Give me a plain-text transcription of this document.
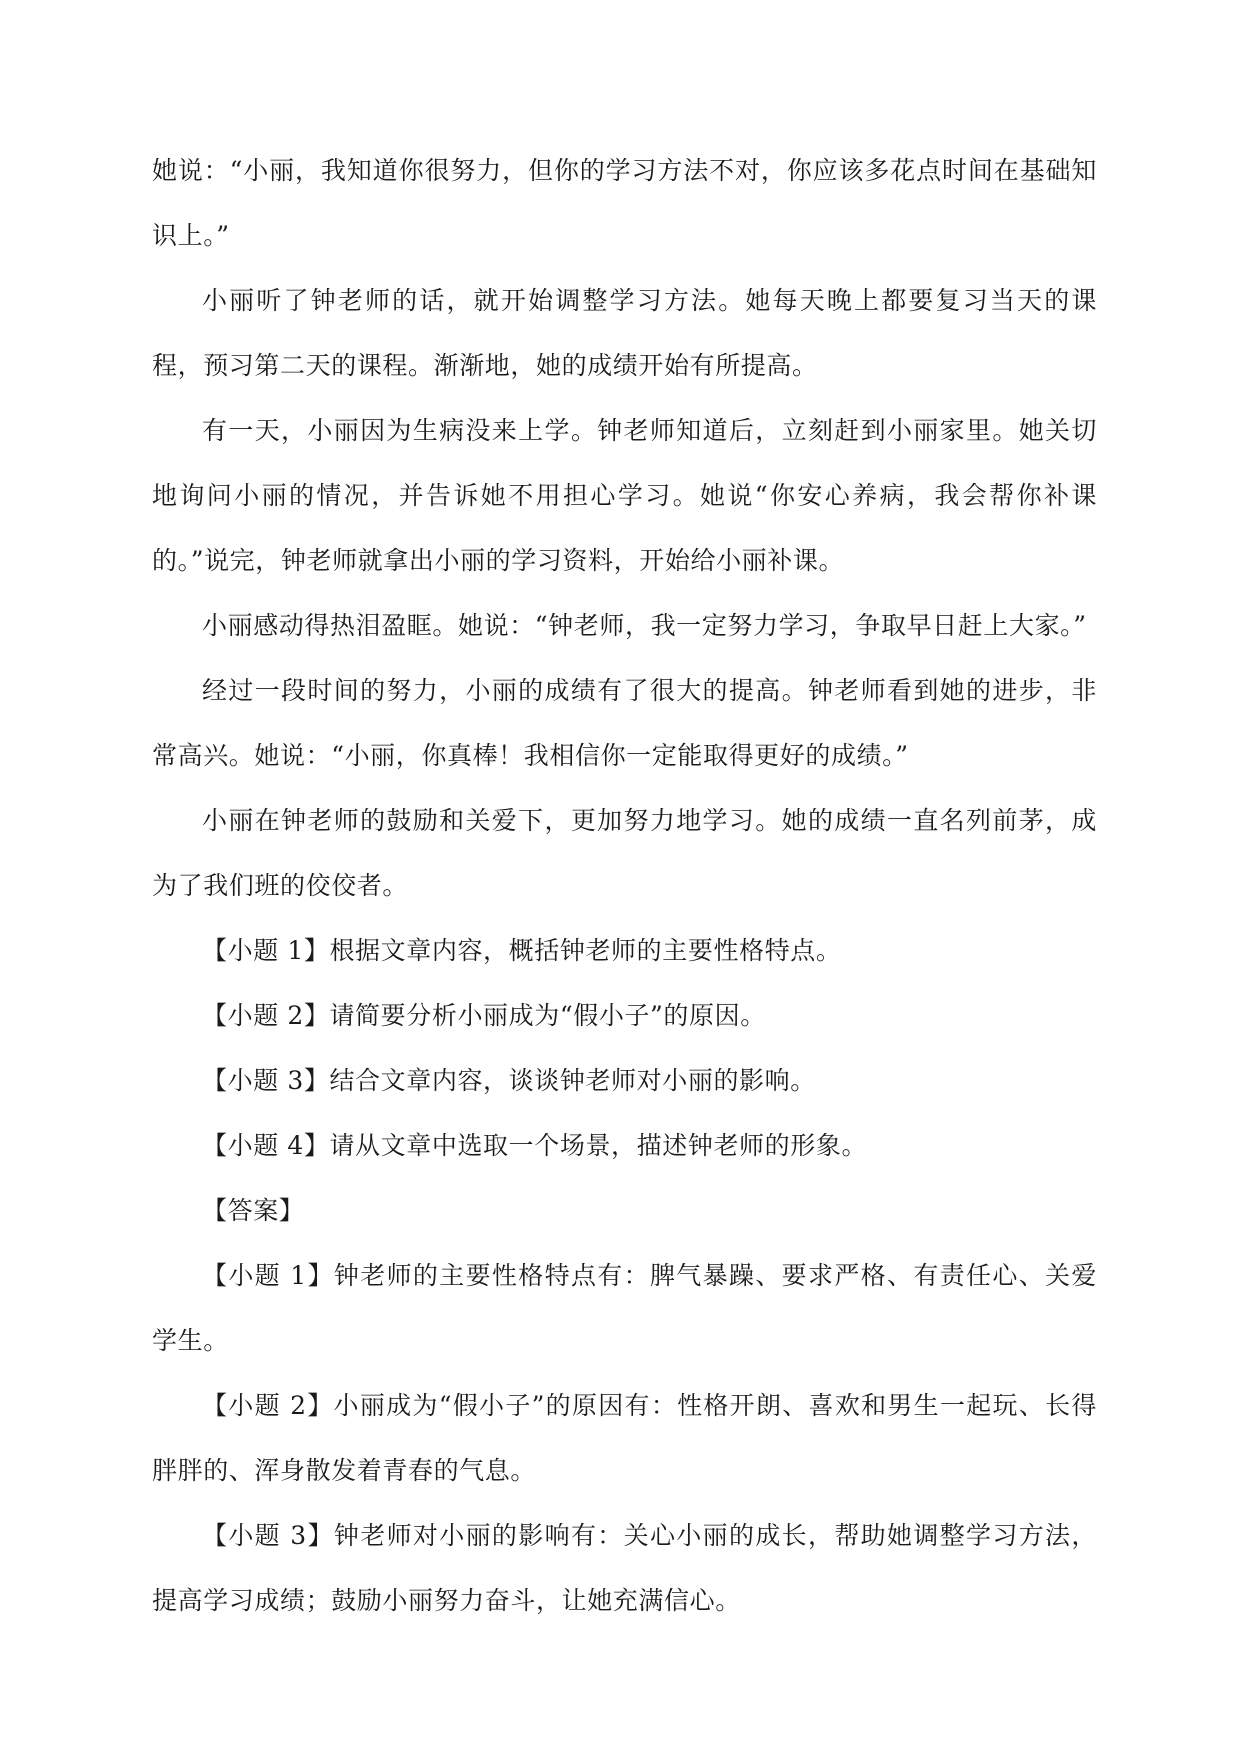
她说：“小丽，我知道你很努力，但你的学习方法不对，你应该多花点时间在基础知识上。”

小丽听了钟老师的话，就开始调整学习方法。她每天晚上都要复习当天的课程，预习第二天的课程。渐渐地，她的成绩开始有所提高。

有一天，小丽因为生病没来上学。钟老师知道后，立刻赶到小丽家里。她关切地询问小丽的情况，并告诉她不用担心学习。她说“你安心养病，我会帮你补课的。”说完，钟老师就拿出小丽的学习资料，开始给小丽补课。

小丽感动得热泪盈眶。她说：“钟老师，我一定努力学习，争取早日赶上大家。”

经过一段时间的努力，小丽的成绩有了很大的提高。钟老师看到她的进步，非常高兴。她说：“小丽，你真棒！我相信你一定能取得更好的成绩。”

小丽在钟老师的鼓励和关爱下，更加努力地学习。她的成绩一直名列前茅，成为了我们班的佼佼者。

【小题 1】根据文章内容，概括钟老师的主要性格特点。

【小题 2】请简要分析小丽成为“假小子”的原因。

【小题 3】结合文章内容，谈谈钟老师对小丽的影响。

【小题 4】请从文章中选取一个场景，描述钟老师的形象。

【答案】

【小题 1】钟老师的主要性格特点有：脾气暴躁、要求严格、有责任心、关爱学生。

【小题 2】小丽成为“假小子”的原因有：性格开朗、喜欢和男生一起玩、长得胖胖的、浑身散发着青春的气息。

【小题 3】钟老师对小丽的影响有：关心小丽的成长，帮助她调整学习方法，提高学习成绩；鼓励小丽努力奋斗，让她充满信心。
